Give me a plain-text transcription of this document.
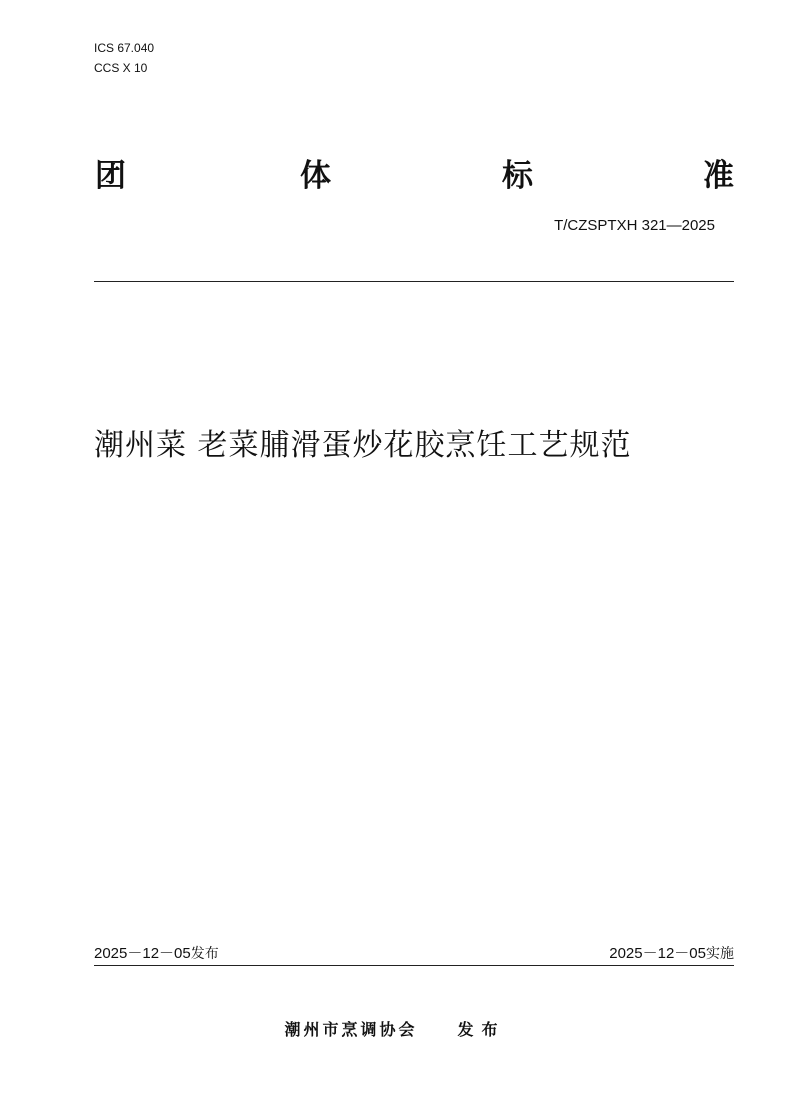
ICS 67.040
CCS X 10
团	体	标	准
T/CZSPTXH 321—2025
潮州菜 老菜脯滑蛋炒花胶烹饪工艺规范
2025－12－05发布	2025－12－05实施
潮州市烹调协会	发布
